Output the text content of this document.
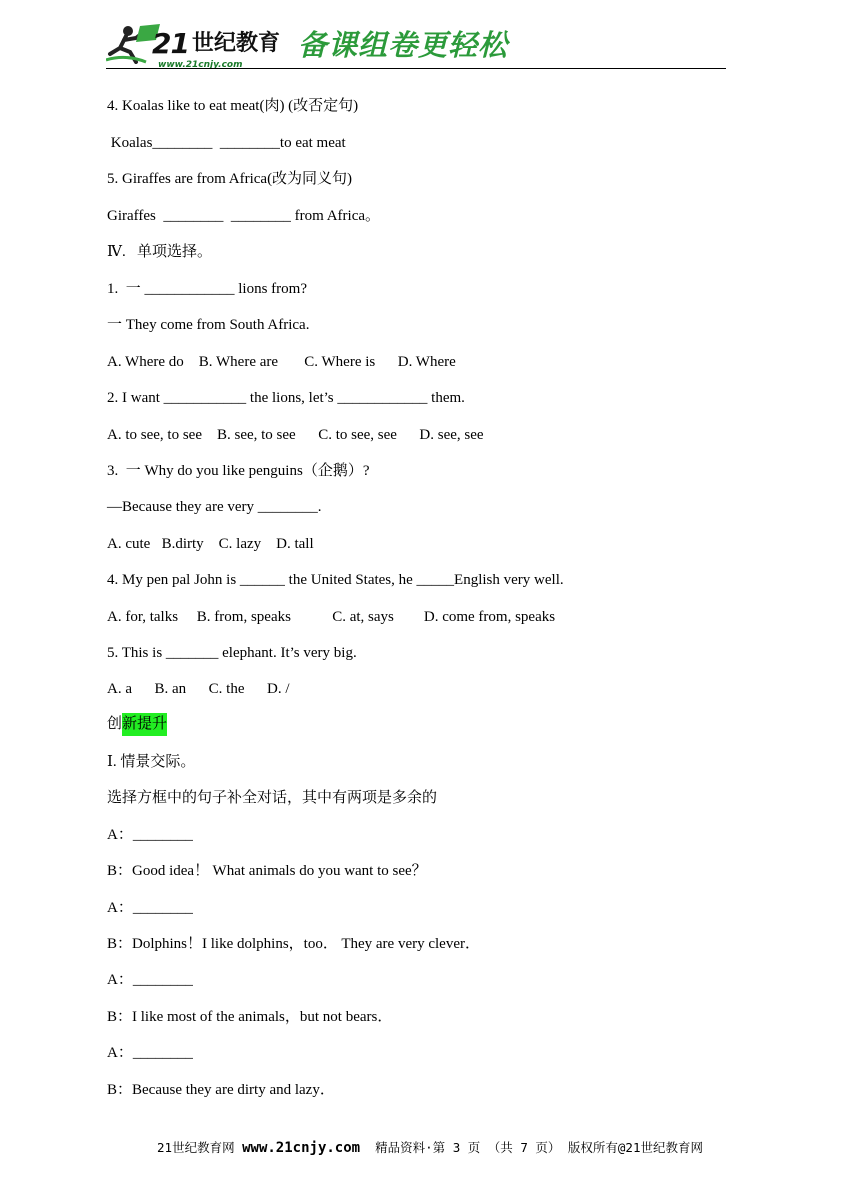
21 世纪教育
www.21cnjy.com
备课组卷更轻松
4. Koalas like to eat meat(肉) (改否定句)
Koalas________  ________to eat meat
5. Giraffes are from Africa(改为同义句)
Giraffes  ________  ________ from Africa。
Ⅳ.   单项选择。
1.  一 ____________ lions from?
一 They come from South Africa.
A. Where do    B. Where are       C. Where is      D. Where
2. I want ___________ the lions, let’s ____________ them.
A. to see, to see    B. see, to see      C. to see, see      D. see, see
3.  一 Why do you like penguins（企鹅）?
—Because they are very ________.
A. cute   B.dirty    C. lazy    D. tall
4. My pen pal John is ______ the United States, he _____English very well.
A. for, talks     B. from, speaks           C. at, says        D. come from, speaks
5. This is _______ elephant. It’s very big.
A. a      B. an      C. the      D. /
创新提升
Ⅰ. 情景交际。
选择方框中的句子补全对话，其中有两项是多余的
A：________
B：Good idea！ What animals do you want to see？
A：________
B：Dolphins！I like dolphins，too． They are very clever．
A：________
B：I like most of the animals，but not bears．
A：________
B：Because they are dirty and lazy．
21世纪教育网 www.21cnjy.com  精品资料·第 3 页 （共 7 页） 版权所有@21世纪教育网
